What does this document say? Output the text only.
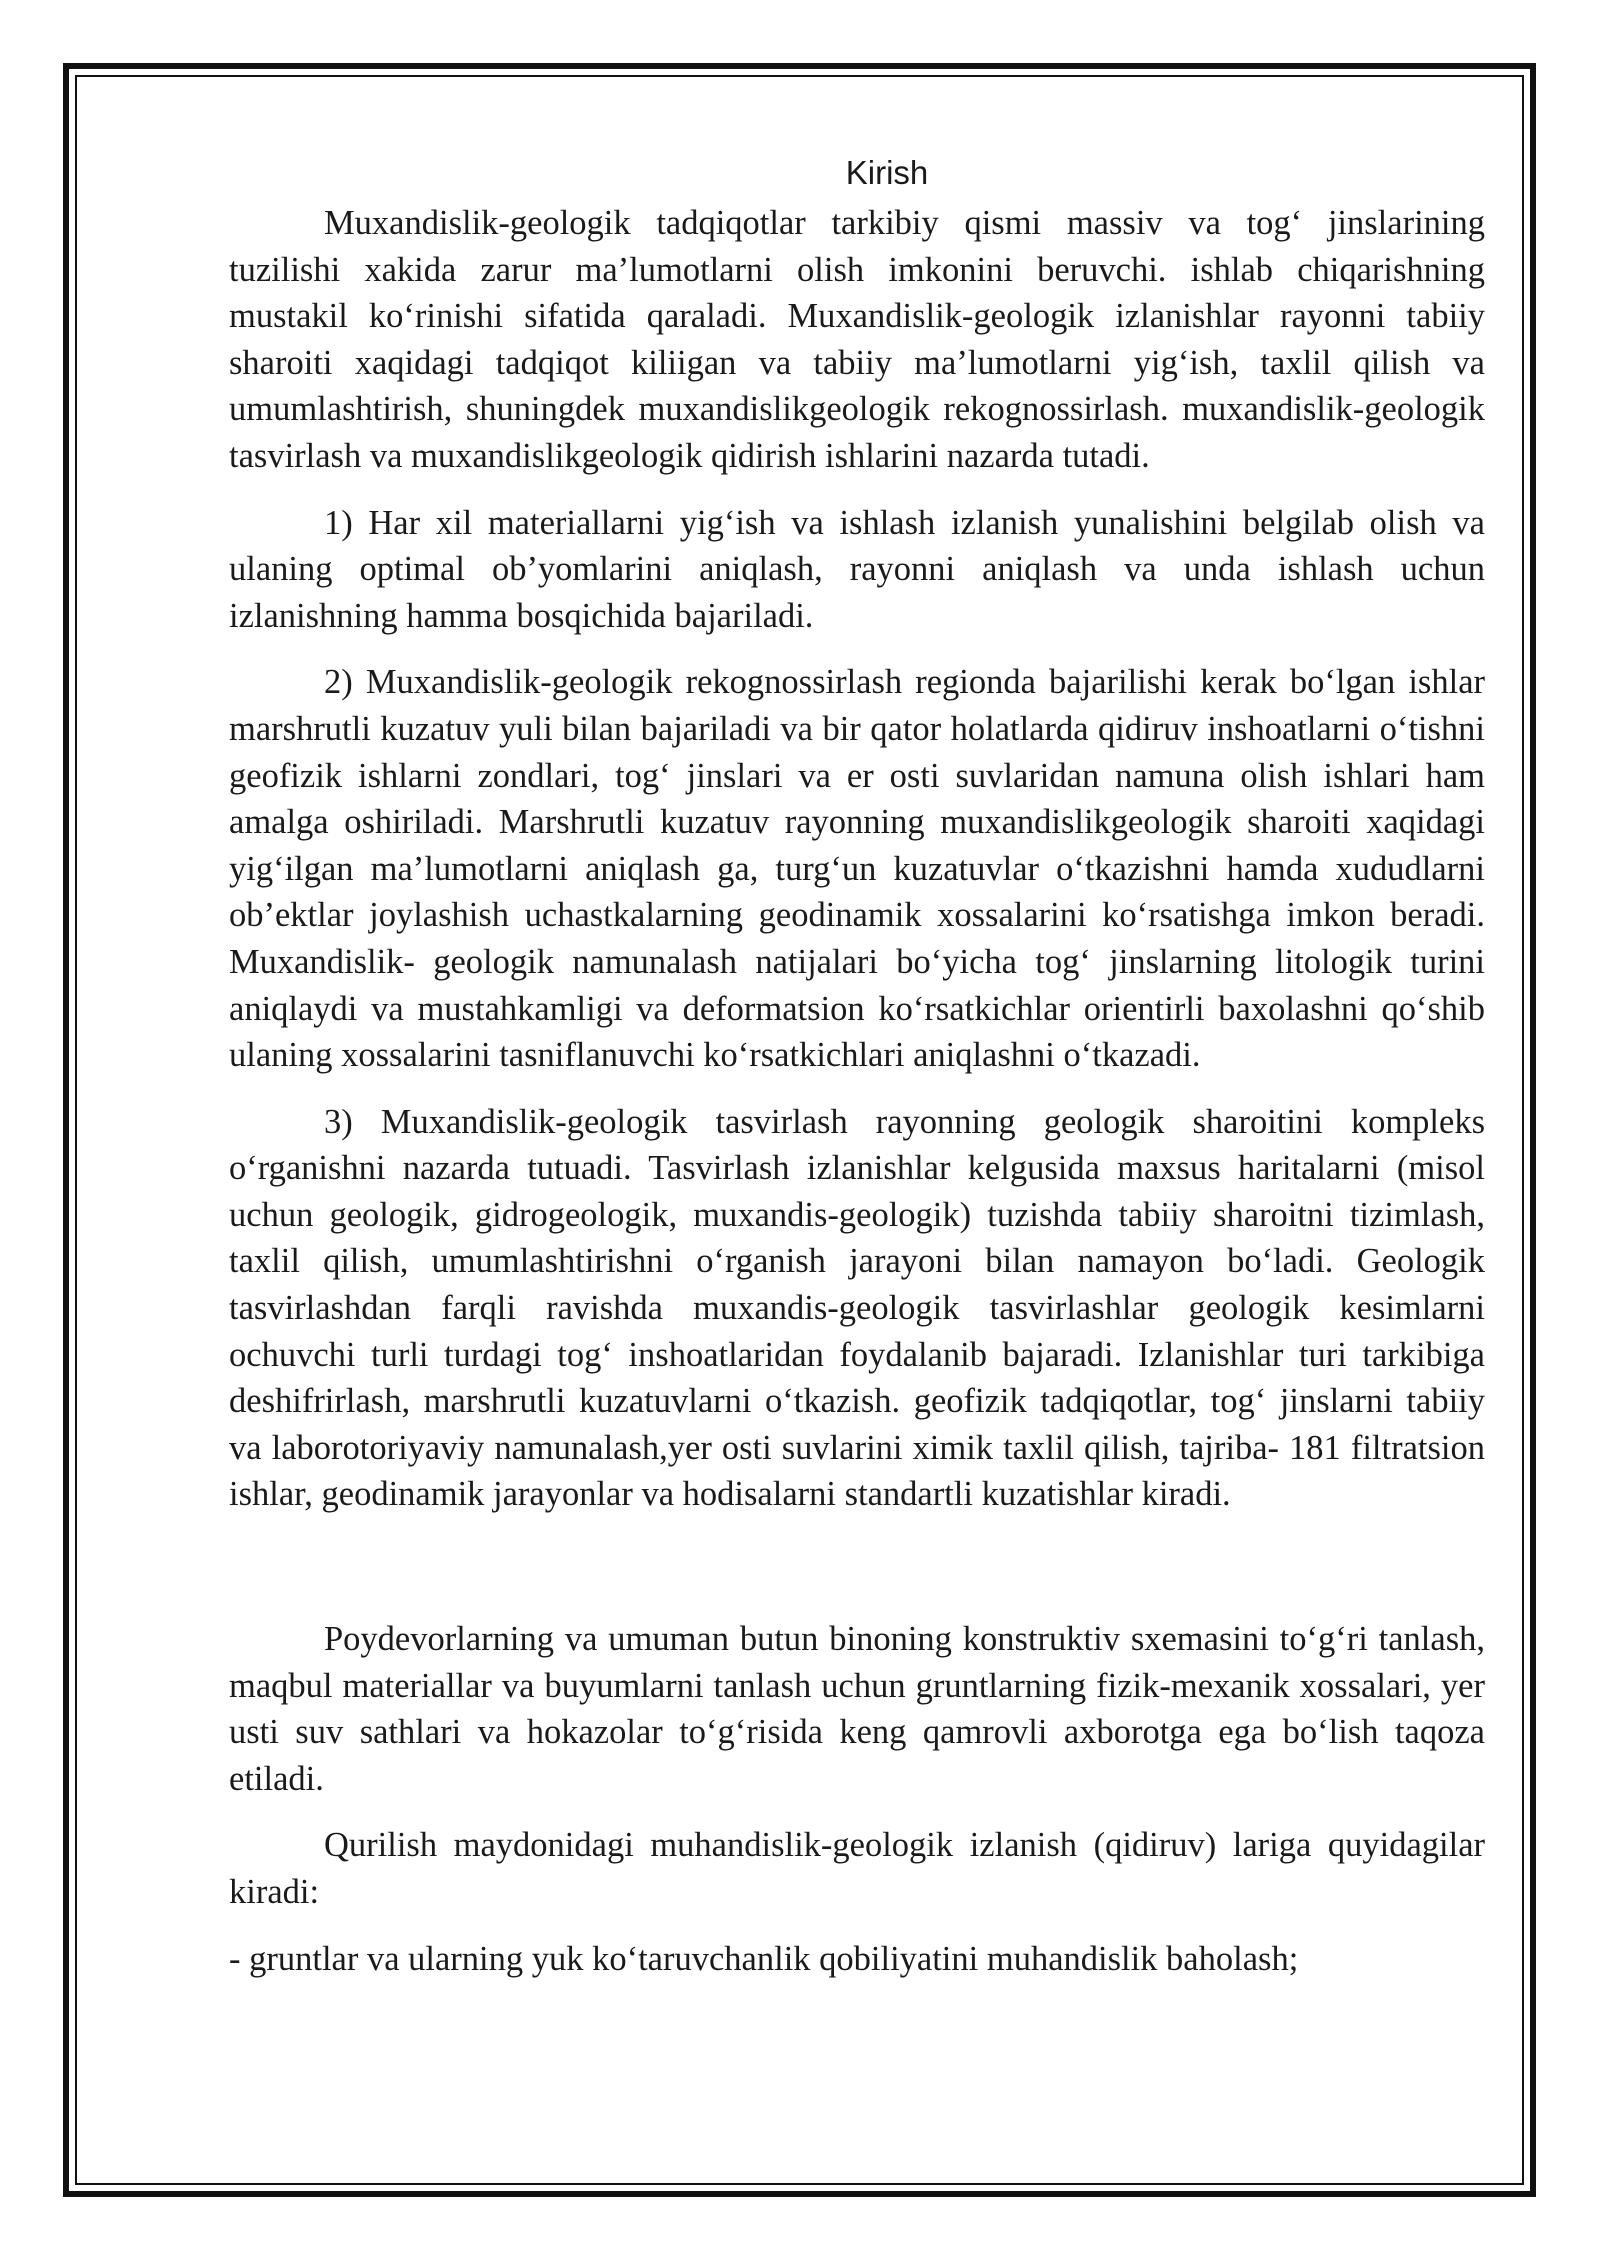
Kirish

Muxandislik-geologik tadqiqotlar tarkibiy qismi massiv va tog‘ jinslarining tuzilishi xakida zarur ma’lumotlarni olish imkonini beruvchi. ishlab chiqarishning mustakil ko‘rinishi sifatida qaraladi. Muxandislik-geologik izlanishlar rayonni tabiiy sharoiti xaqidagi tadqiqot kiliigan va tabiiy ma’lumotlarni yig‘ish, taxlil qilish va umumlashtirish, shuningdek muxandislikgeologik rekognossirlash. muxandislik-geologik tasvirlash va muxandislikgeologik qidirish ishlarini nazarda tutadi.

1) Har xil materiallarni yig‘ish va ishlash izlanish yunalishini belgilab olish va ulaning optimal ob’yomlarini aniqlash, rayonni aniqlash va unda ishlash uchun izlanishning hamma bosqichida bajariladi.

2) Muxandislik-geologik rekognossirlash regionda bajarilishi kerak bo‘lgan ishlar marshrutli kuzatuv yuli bilan bajariladi va bir qator holatlarda qidiruv inshoatlarni o‘tishni geofizik ishlarni zondlari, tog‘ jinslari va er osti suvlaridan namuna olish ishlari ham amalga oshiriladi. Marshrutli kuzatuv rayonning muxandislikgeologik sharoiti xaqidagi yig‘ilgan ma’lumotlarni aniqlash ga, turg‘un kuzatuvlar o‘tkazishni hamda xududlarni ob’ektlar joylashish uchastkalarning geodinamik xossalarini ko‘rsatishga imkon beradi. Muxandislik- geologik namunalash natijalari bo‘yicha tog‘ jinslarning litologik turini aniqlaydi va mustahkamligi va deformatsion ko‘rsatkichlar orientirli baxolashni qo‘shib ulaning xossalarini tasniflanuvchi ko‘rsatkichlari aniqlashni o‘tkazadi.

3) Muxandislik-geologik tasvirlash rayonning geologik sharoitini kompleks o‘rganishni nazarda tutuadi. Tasvirlash izlanishlar kelgusida maxsus haritalarni (misol uchun geologik, gidrogeologik, muxandis-geologik) tuzishda tabiiy sharoitni tizimlash, taxlil qilish, umumlashtirishni o‘rganish jarayoni bilan namayon bo‘ladi. Geologik tasvirlashdan farqli ravishda muxandis-geologik tasvirlashlar geologik kesimlarni ochuvchi turli turdagi tog‘ inshoatlaridan foydalanib bajaradi. Izlanishlar turi tarkibiga deshifrirlash, marshrutli kuzatuvlarni o‘tkazish. geofizik tadqiqotlar, tog‘ jinslarni tabiiy va laborotoriyaviy namunalash,yer osti suvlarini ximik taxlil qilish, tajriba- 181 filtratsion ishlar, geodinamik jarayonlar va hodisalarni standartli kuzatishlar kiradi.

Poydevorlarning va umuman butun binoning konstruktiv sxemasini to‘g‘ri tanlash, maqbul materiallar va buyumlarni tanlash uchun gruntlarning fizik-mexanik xossalari, yer usti suv sathlari va hokazolar to‘g‘risida keng qamrovli axborotga ega bo‘lish taqoza etiladi.

Qurilish maydonidagi muhandislik-geologik izlanish (qidiruv) lariga quyidagilar kiradi:

- gruntlar va ularning yuk ko‘taruvchanlik qobiliyatini muhandislik baholash;
